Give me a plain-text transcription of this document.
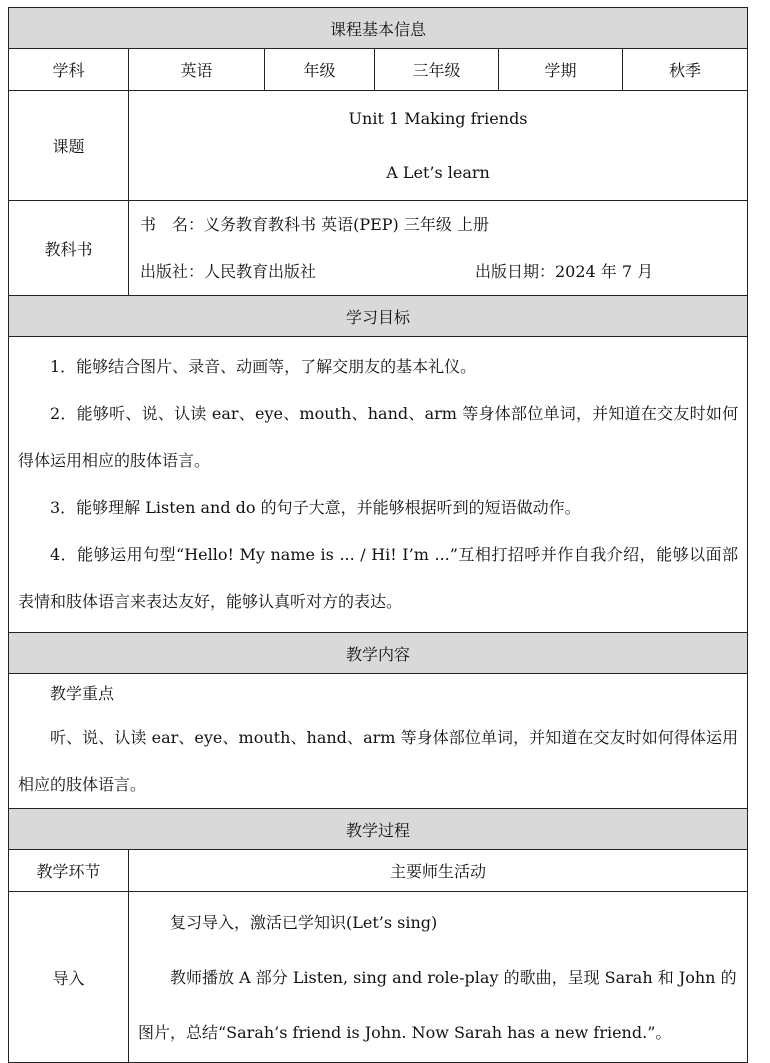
课程基本信息					
学科	英语	年级	三年级	学期	秋季
课题	Unit 1 Making friends
A Let’s learn				

教科书	书　名：义务教育教科书 英语(PEP) 三年级 上册
出版社：人民教育出版社 出版日期：2024 年 7 月				

学习目标					

1．能够结合图片、录音、动画等，了解交朋友的基本礼仪。

2．能够听、说、认读 ear、eye、mouth、hand、arm 等身体部位单词，并知道在交友时如何得体运用相应的肢体语言。

3．能够理解 Listen and do 的句子大意，并能够根据听到的短语做动作。

4．能够运用句型“Hello! My name is ... / Hi! I’m ...”互相打招呼并作自我介绍，能够以面部表情和肢体语言来表达友好，能够认真听对方的表达。					

教学内容					

教学重点

听、说、认读 ear、eye、mouth、hand、arm 等身体部位单词，并知道在交友时如何得体运用相应的肢体语言。					

教学过程					
教学环节	主要师生活动				
导入	复习导入，激活已学知识(Let’s sing)

教师播放 A 部分 Listen, sing and role-play 的歌曲，呈现 Sarah 和 John 的图片，总结“Sarah’s friend is John. Now Sarah has a new friend.”。				
